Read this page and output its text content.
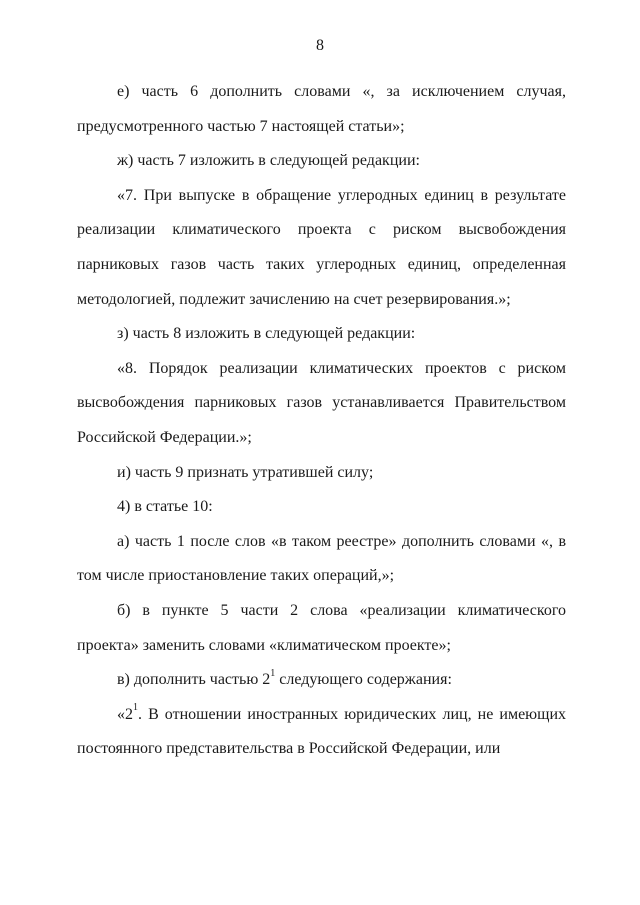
8

е) часть 6 дополнить словами «, за исключением случая, предусмотренного частью 7 настоящей статьи»;

ж) часть 7 изложить в следующей редакции:

«7. При выпуске в обращение углеродных единиц в результате реализации климатического проекта с риском высвобождения парниковых газов часть таких углеродных единиц, определенная методологией, подлежит зачислению на счет резервирования.»;

з) часть 8 изложить в следующей редакции:

«8. Порядок реализации климатических проектов с риском высвобождения парниковых газов устанавливается Правительством Российской Федерации.»;

и) часть 9 признать утратившей силу;

4) в статье 10:

а) часть 1 после слов «в таком реестре» дополнить словами «, в том числе приостановление таких операций,»;

б) в пункте 5 части 2 слова «реализации климатического проекта» заменить словами «климатическом проекте»;

в) дополнить частью $2^1$ следующего содержания:

«$2^1$. В отношении иностранных юридических лиц, не имеющих постоянного представительства в Российской Федерации, или
